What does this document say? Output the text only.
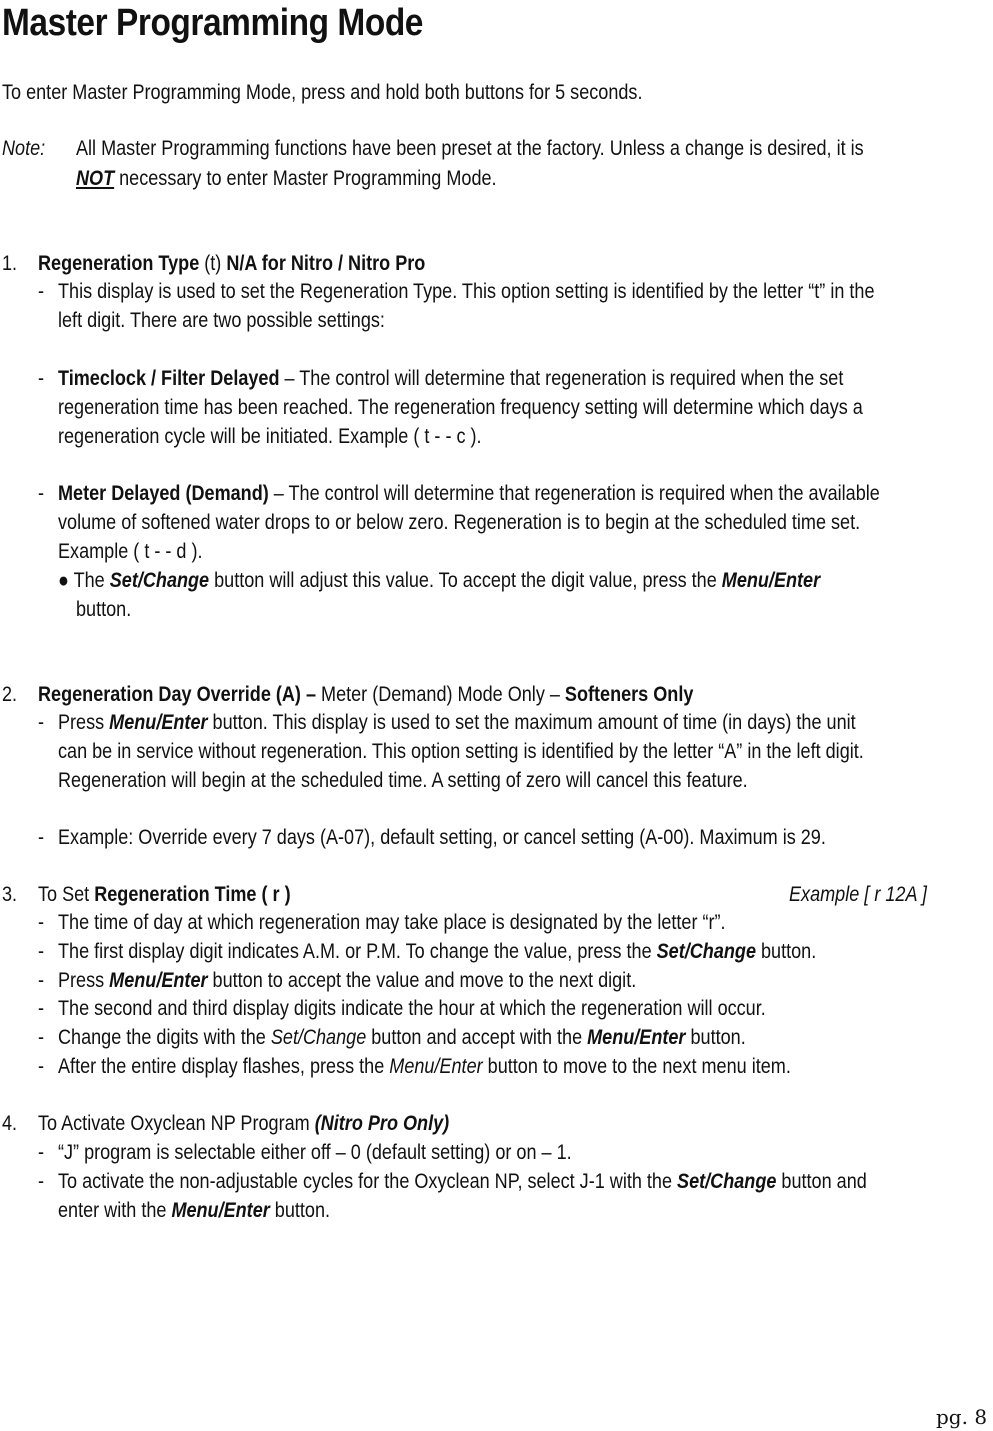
Master Programming Mode
To enter Master Programming Mode, press and hold both buttons for 5 seconds.
Note: All Master Programming functions have been preset at the factory. Unless a change is desired, it is
NOT necessary to enter Master Programming Mode.
1. Regeneration Type (t) N/A for Nitro / Nitro Pro
- This display is used to set the Regeneration Type. This option setting is identified by the letter “t” in the
left digit. There are two possible settings:
- Timeclock / Filter Delayed – The control will determine that regeneration is required when the set
regeneration time has been reached. The regeneration frequency setting will determine which days a
regeneration cycle will be initiated. Example ( t - - c ).
- Meter Delayed (Demand) – The control will determine that regeneration is required when the available
volume of softened water drops to or below zero. Regeneration is to begin at the scheduled time set.
Example ( t - - d ).
● The Set/Change button will adjust this value. To accept the digit value, press the Menu/Enter
button.
2. Regeneration Day Override (A) – Meter (Demand) Mode Only – Softeners Only
- Press Menu/Enter button. This display is used to set the maximum amount of time (in days) the unit
can be in service without regeneration. This option setting is identified by the letter “A” in the left digit.
Regeneration will begin at the scheduled time. A setting of zero will cancel this feature.
- Example: Override every 7 days (A-07), default setting, or cancel setting (A-00). Maximum is 29.
3. To Set Regeneration Time ( r )	Example [ r 12A ]
- The time of day at which regeneration may take place is designated by the letter “r”.
- The first display digit indicates A.M. or P.M. To change the value, press the Set/Change button.
- Press Menu/Enter button to accept the value and move to the next digit.
- The second and third display digits indicate the hour at which the regeneration will occur.
- Change the digits with the Set/Change button and accept with the Menu/Enter button.
- After the entire display flashes, press the Menu/Enter button to move to the next menu item.
4. To Activate Oxyclean NP Program (Nitro Pro Only)
- “J” program is selectable either off – 0 (default setting) or on – 1.
- To activate the non-adjustable cycles for the Oxyclean NP, select J-1 with the Set/Change button and
enter with the Menu/Enter button.
pg. 8
